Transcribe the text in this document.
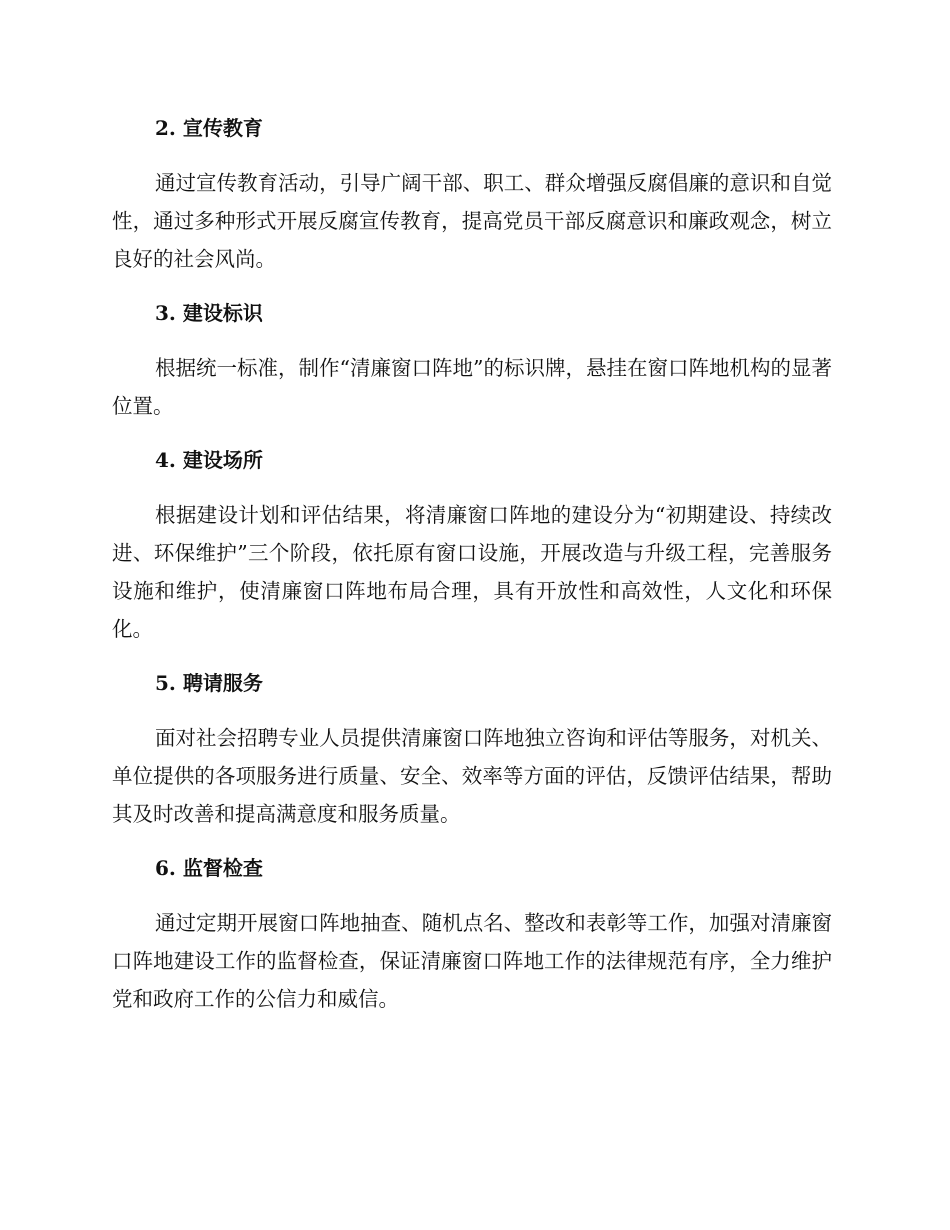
2. 宣传教育

通过宣传教育活动，引导广阔干部、职工、群众增强反腐倡廉的意识和自觉性，通过多种形式开展反腐宣传教育，提高党员干部反腐意识和廉政观念，树立良好的社会风尚。

3. 建设标识

根据统一标准，制作“清廉窗口阵地”的标识牌，悬挂在窗口阵地机构的显著位置。

4. 建设场所

根据建设计划和评估结果，将清廉窗口阵地的建设分为“初期建设、持续改进、环保维护”三个阶段，依托原有窗口设施，开展改造与升级工程，完善服务设施和维护，使清廉窗口阵地布局合理，具有开放性和高效性，人文化和环保化。

5. 聘请服务

面对社会招聘专业人员提供清廉窗口阵地独立咨询和评估等服务，对机关、单位提供的各项服务进行质量、安全、效率等方面的评估，反馈评估结果，帮助其及时改善和提高满意度和服务质量。

6. 监督检查

通过定期开展窗口阵地抽查、随机点名、整改和表彰等工作，加强对清廉窗口阵地建设工作的监督检查，保证清廉窗口阵地工作的法律规范有序，全力维护党和政府工作的公信力和威信。
